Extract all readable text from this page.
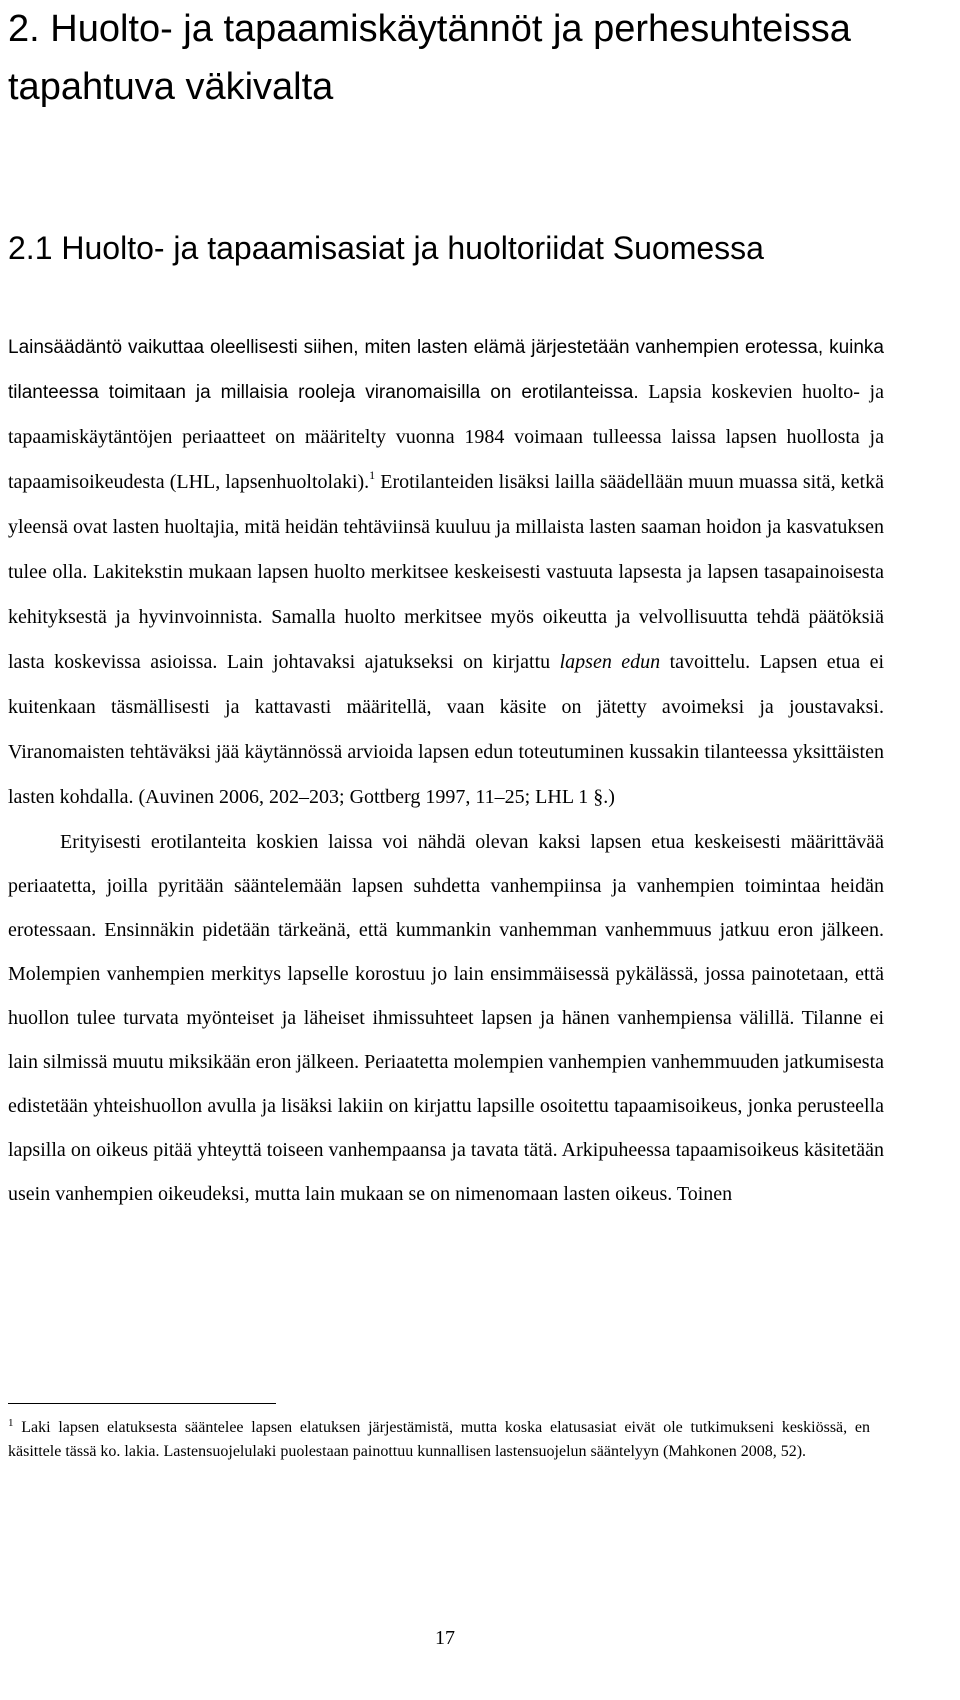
2. Huolto- ja tapaamiskäytännöt ja perhesuhteissa tapahtuva väkivalta
2.1 Huolto- ja tapaamisasiat ja huoltoriidat Suomessa

Lainsäädäntö vaikuttaa oleellisesti siihen, miten lasten elämä järjestetään vanhempien erotessa, kuinka tilanteessa toimitaan ja millaisia rooleja viranomaisilla on erotilanteissa. Lapsia koskevien huolto- ja tapaamiskäytäntöjen periaatteet on määritelty vuonna 1984 voimaan tulleessa laissa lapsen huollosta ja tapaamisoikeudesta (LHL, lapsenhuoltolaki).$^1$ Erotilanteiden lisäksi lailla säädellään muun muassa sitä, ketkä yleensä ovat lasten huoltajia, mitä heidän tehtäviinsä kuuluu ja millaista lasten saaman hoidon ja kasvatuksen tulee olla. Lakitekstin mukaan lapsen huolto merkitsee keskeisesti vastuuta lapsesta ja lapsen tasapainoisesta kehityksestä ja hyvinvoinnista. Samalla huolto merkitsee myös oikeutta ja velvollisuutta tehdä päätöksiä lasta koskevissa asioissa. Lain johtavaksi ajatukseksi on kirjattu lapsen edun tavoittelu. Lapsen etua ei kuitenkaan täsmällisesti ja kattavasti määritellä, vaan käsite on jätetty avoimeksi ja joustavaksi. Viranomaisten tehtäväksi jää käytännössä arvioida lapsen edun toteutuminen kussakin tilanteessa yksittäisten lasten kohdalla. (Auvinen 2006, 202–203; Gottberg 1997, 11–25; LHL 1 §.)

Erityisesti erotilanteita koskien laissa voi nähdä olevan kaksi lapsen etua keskeisesti määrittävää periaatetta, joilla pyritään sääntelemään lapsen suhdetta vanhempiinsa ja vanhempien toimintaa heidän erotessaan. Ensinnäkin pidetään tärkeänä, että kummankin vanhemman vanhemmuus jatkuu eron jälkeen. Molempien vanhempien merkitys lapselle korostuu jo lain ensimmäisessä pykälässä, jossa painotetaan, että huollon tulee turvata myönteiset ja läheiset ihmissuhteet lapsen ja hänen vanhempiensa välillä. Tilanne ei lain silmissä muutu miksikään eron jälkeen. Periaatetta molempien vanhempien vanhemmuuden jatkumisesta edistetään yhteishuollon avulla ja lisäksi lakiin on kirjattu lapsille osoitettu tapaamisoikeus, jonka perusteella lapsilla on oikeus pitää yhteyttä toiseen vanhempaansa ja tavata tätä. Arkipuheessa tapaamisoikeus käsitetään usein vanhempien oikeudeksi, mutta lain mukaan se on nimenomaan lasten oikeus. Toinen

$^1$ Laki lapsen elatuksesta sääntelee lapsen elatuksen järjestämistä, mutta koska elatusasiat eivät ole tutkimukseni keskiössä, en käsittele tässä ko. lakia. Lastensuojelulaki puolestaan painottuu kunnallisen lastensuojelun sääntelyyn (Mahkonen 2008, 52).
17
